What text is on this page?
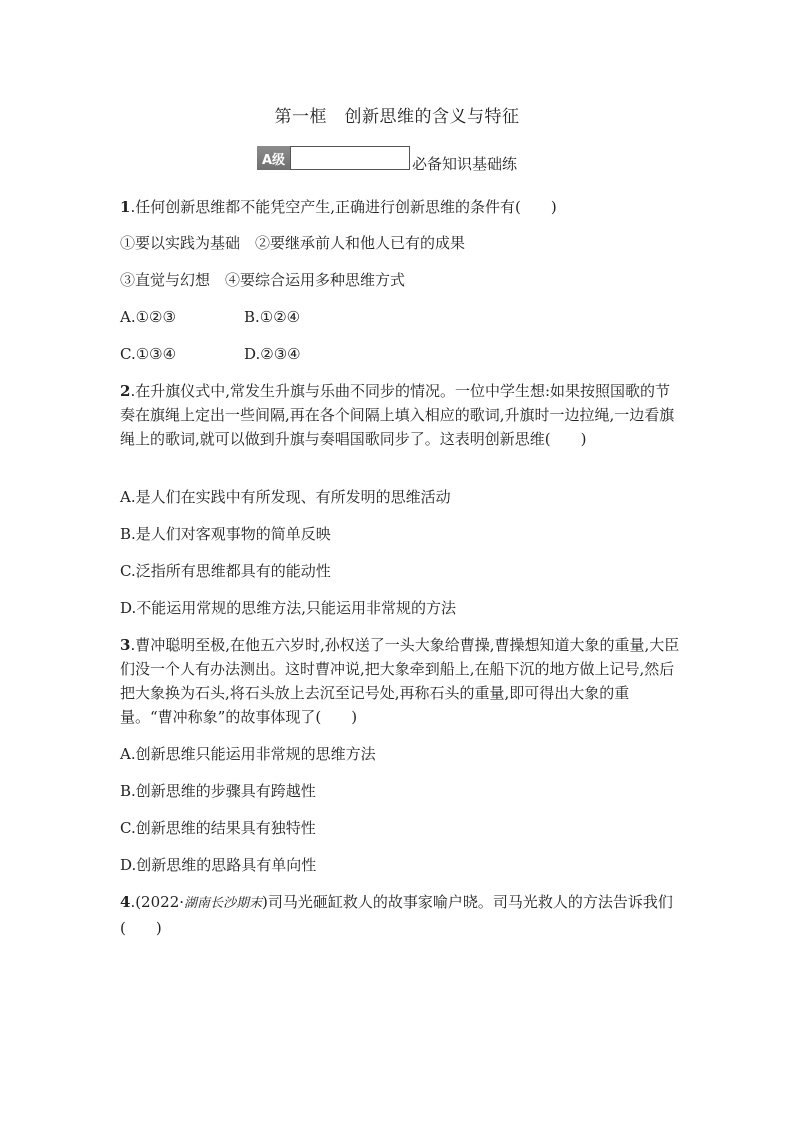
第一框　创新思维的含义与特征
A级	必备知识基础练
1.任何创新思维都不能凭空产生,正确进行创新思维的条件有(　　)
①要以实践为基础　②要继承前人和他人已有的成果
③直觉与幻想　④要综合运用多种思维方式
A.①②③	B.①②④
C.①③④	D.②③④
2.在升旗仪式中,常发生升旗与乐曲不同步的情况。一位中学生想:如果按照国歌的节奏在旗绳上定出一些间隔,再在各个间隔上填入相应的歌词,升旗时一边拉绳,一边看旗绳上的歌词,就可以做到升旗与奏唱国歌同步了。这表明创新思维(　　)
A.是人们在实践中有所发现、有所发明的思维活动
B.是人们对客观事物的简单反映
C.泛指所有思维都具有的能动性
D.不能运用常规的思维方法,只能运用非常规的方法
3.曹冲聪明至极,在他五六岁时,孙权送了一头大象给曹操,曹操想知道大象的重量,大臣们没一个人有办法测出。这时曹冲说,把大象牵到船上,在船下沉的地方做上记号,然后把大象换为石头,将石头放上去沉至记号处,再称石头的重量,即可得出大象的重量。“曹冲称象”的故事体现了(　　)
A.创新思维只能运用非常规的思维方法
B.创新思维的步骤具有跨越性
C.创新思维的结果具有独特性
D.创新思维的思路具有单向性
4.(2022·湖南长沙期末)司马光砸缸救人的故事家喻户晓。司马光救人的方法告诉我们(　　)
